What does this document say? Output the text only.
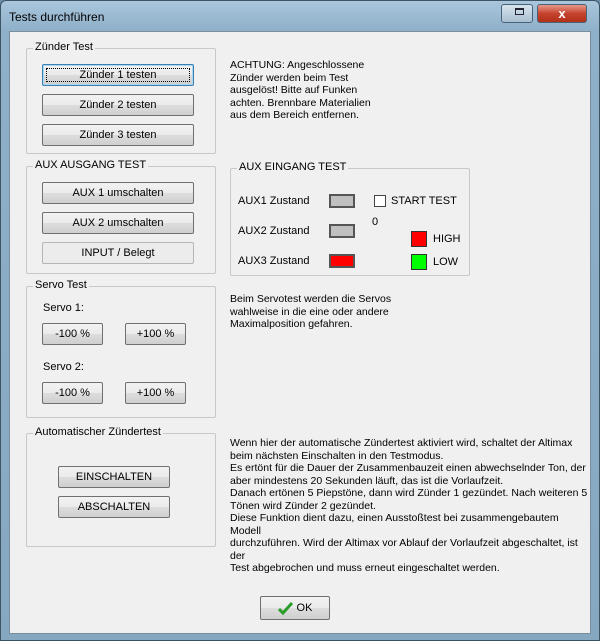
Tests durchführen	x
Zünder Test
Zünder 1 testen
Zünder 2 testen
Zünder 3 testen
ACHTUNG: Angeschlossene
Zünder werden beim Test
ausgelöst! Bitte auf Funken
achten. Brennbare Materialien
aus dem Bereich entfernen.
AUX AUSGANG TEST
AUX 1 umschalten
AUX 2 umschalten
INPUT / Belegt
AUX EINGANG TEST
AUX1 Zustand
AUX2 Zustand
AUX3 Zustand
START TEST
0
HIGH
LOW
Servo Test
Servo 1:
-100 %	+100 %
Servo 2:
-100 %	+100 %
Beim Servotest werden die Servos
wahlweise in die eine oder andere
Maximalposition gefahren.
Automatischer Zündertest
EINSCHALTEN
ABSCHALTEN
Wenn hier der automatische Zündertest aktiviert wird, schaltet der Altimax
beim nächsten Einschalten in den Testmodus.
Es ertönt für die Dauer der Zusammenbauzeit einen abwechselnder Ton, der
aber mindestens 20 Sekunden läuft, das ist die Vorlaufzeit.
Danach ertönen 5 Piepstöne, dann wird Zünder 1 gezündet. Nach weiteren 5
Tönen wird Zünder 2 gezündet.
Diese Funktion dient dazu, einen Ausstoßtest bei zusammengebautem Modell
durchzuführen. Wird der Altimax vor Ablauf der Vorlaufzeit abgeschaltet, ist der
Test abgebrochen und muss erneut eingeschaltet werden.
OK
